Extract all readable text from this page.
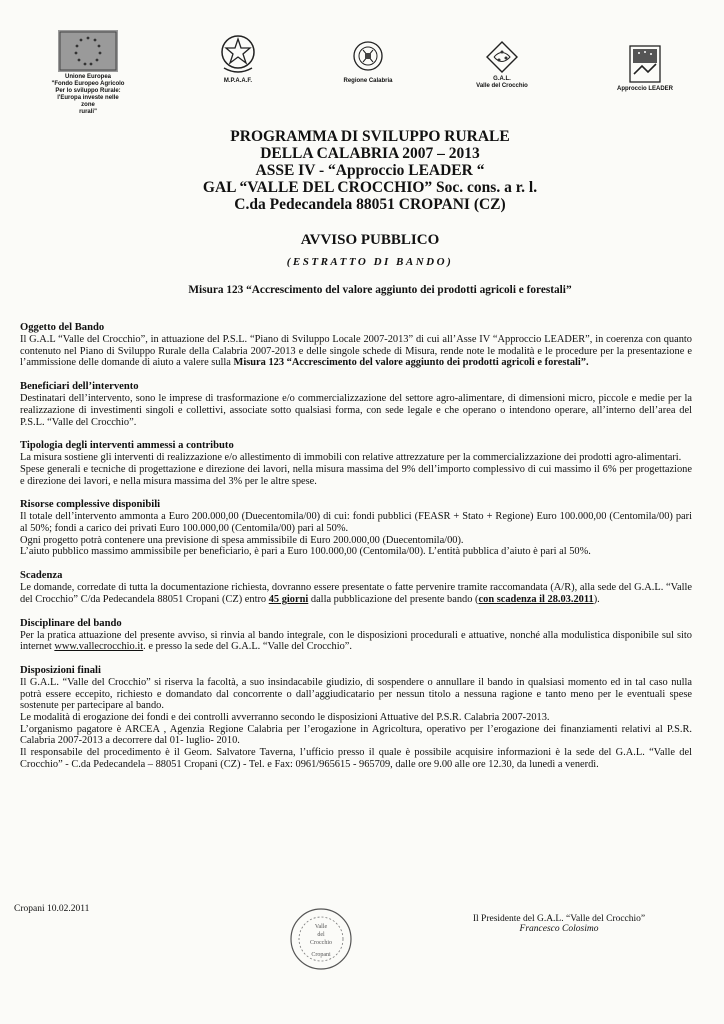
Unione Europea
"Fondo Europeo Agricolo
Per lo sviluppo Rurale:
l'Europa investe nelle zone
rurali"
M.P.A.A.F.	Regione Calabria	G.A.L.
Valle del Crocchio	Approccio LEADER

PROGRAMMA DI SVILUPPO RURALE

DELLA CALABRIA 2007 – 2013

ASSE IV - “Approccio LEADER “

GAL “VALLE DEL CROCCHIO” Soc. cons. a r. l.

C.da Pedecandela 88051 CROPANI (CZ)

AVVISO PUBBLICO
(ESTRATTO DI BANDO)
Misura 123 “Accrescimento del valore aggiunto dei prodotti agricoli e forestali”
Oggetto del Bando

Il G.A.L “Valle del Crocchio”, in attuazione del P.S.L. “Piano di Sviluppo Locale 2007-2013” di cui all’Asse IV “Approccio LEADER”, in coerenza con quanto contenuto nel Piano di Sviluppo Rurale della Calabria 2007-2013 e delle singole schede di Misura, rende note le modalità e le procedure per la presentazione e l’ammissione delle domande di aiuto a valere sulla Misura 123 “Accrescimento del valore aggiunto dei prodotti agricoli e forestali”.

Beneficiari dell’intervento

Destinatari dell’intervento, sono le imprese di trasformazione e/o commercializzazione del settore agro-alimentare, di dimensioni micro, piccole e medie per la realizzazione di investimenti singoli e collettivi, associate sotto qualsiasi forma, con sede legale e che operano o intendono operare, all’interno dell’area del P.S.L. “Valle del Crocchio”.

Tipologia degli interventi ammessi a contributo

La misura sostiene gli interventi di realizzazione e/o allestimento di immobili con relative attrezzature per la commercializzazione dei prodotti agro-alimentari.

Spese generali e tecniche di progettazione e direzione dei lavori, nella misura massima del 9% dell’importo complessivo di cui massimo il 6% per progettazione e direzione dei lavori, e nella misura massima del 3% per le altre spese.

Risorse complessive disponibili

Il totale dell’intervento ammonta a Euro 200.000,00 (Duecentomila/00) di cui: fondi pubblici (FEASR + Stato + Regione) Euro 100.000,00 (Centomila/00) pari al 50%; fondi a carico dei privati Euro 100.000,00 (Centomila/00) pari al 50%.

Ogni progetto potrà contenere una previsione di spesa ammissibile di Euro 200.000,00 (Duecentomila/00).

L’aiuto pubblico massimo ammissibile per beneficiario, è pari a Euro 100.000,00 (Centomila/00). L’entità pubblica d’aiuto è pari al 50%.

Scadenza

Le domande, corredate di tutta la documentazione richiesta, dovranno essere presentate o fatte pervenire tramite raccomandata (A/R), alla sede del G.A.L. “Valle del Crocchio” C/da Pedecandela 88051 Cropani (CZ) entro 45 giorni dalla pubblicazione del presente bando (con scadenza il 28.03.2011).

Disciplinare del bando

Per la pratica attuazione del presente avviso, si rinvia al bando integrale, con le disposizioni procedurali e attuative, nonché alla modulistica disponibile sul sito internet www.vallecrocchio.it. e presso la sede del G.A.L. “Valle del Crocchio”.

Disposizioni finali

Il G.A.L. “Valle del Crocchio” si riserva la facoltà, a suo insindacabile giudizio, di sospendere o annullare il bando in qualsiasi momento ed in tal caso nulla potrà essere eccepito, richiesto e domandato dal concorrente o dall’aggiudicatario per nessun titolo a nessuna ragione e tanto meno per le eventuali spese sostenute per partecipare al bando.

Le modalità di erogazione dei fondi e dei controlli avverranno secondo le disposizioni Attuative del P.S.R. Calabria 2007-2013.

L’organismo pagatore è ARCEA , Agenzia Regione Calabria per l’erogazione in Agricoltura, operativo per l’erogazione dei finanziamenti relativi al P.S.R. Calabria 2007-2013 a decorrere dal 01- luglio- 2010.

Il responsabile del procedimento è il Geom. Salvatore Taverna, l’ufficio presso il quale è possibile acquisire informazioni è la sede del G.A.L. “Valle del Crocchio” - C.da Pedecandela – 88051 Cropani (CZ) - Tel. e Fax: 0961/965615 - 965709, dalle ore 9.00 alle ore 12.30, da lunedì a venerdì.

Cropani 10.02.2011
Valle
del
Crocchio
Cropani
Il Presidente del G.A.L. “Valle del Crocchio”
Francesco Colosimo
